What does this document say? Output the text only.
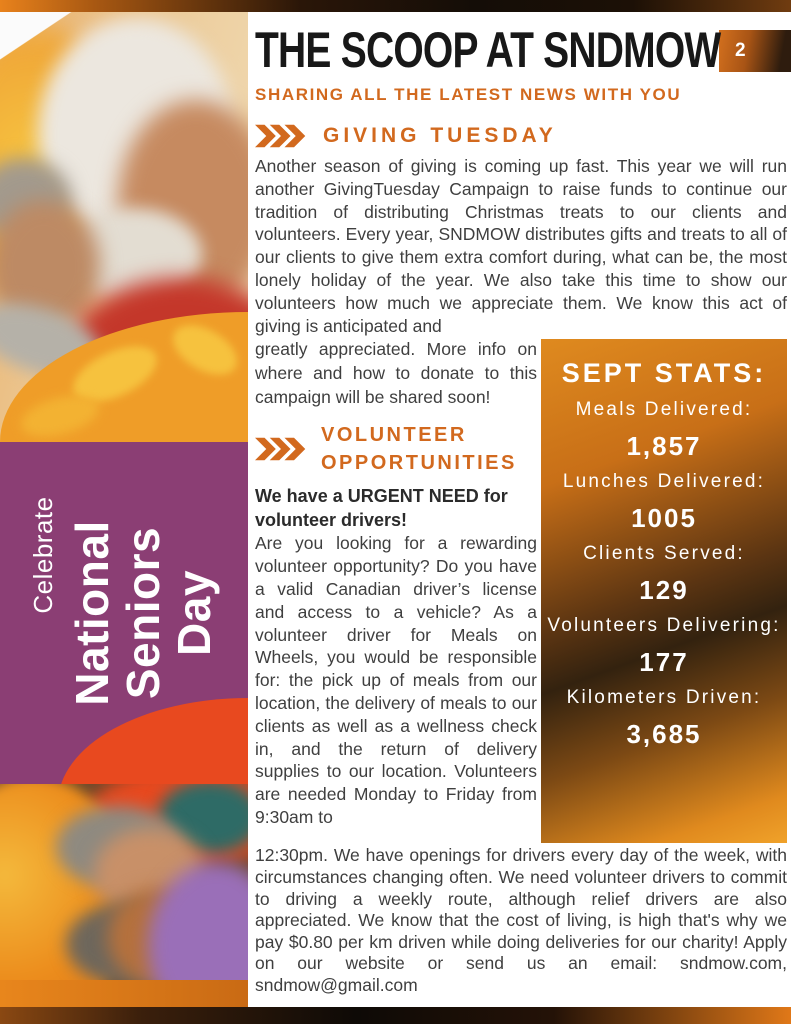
Celebrate National Seniors Day
2
THE SCOOP AT SNDMOW
SHARING ALL THE LATEST NEWS WITH YOU
GIVING TUESDAY
Another season of giving is coming up fast. This year we will run another GivingTuesday Campaign to raise funds to continue our tradition of distributing Christmas treats to our clients and volunteers. Every year, SNDMOW distributes gifts and treats to all of our clients to give them extra comfort during, what can be, the most lonely holiday of the year. We also take this time to show our volunteers how much we appreciate them. We know this act of giving is anticipated and
greatly appreciated. More info on where and how to donate to this campaign will be shared soon!
VOLUNTEER
OPPORTUNITIES
We have a URGENT NEED for volunteer drivers!
Are you looking for a rewarding volunteer opportunity? Do you have a valid Canadian driver’s license and access to a vehicle? As a volunteer driver for Meals on Wheels, you would be responsible for: the pick up of meals from our location, the delivery of meals to our clients as well as a wellness check in, and the return of delivery supplies to our location. Volunteers are needed Monday to Friday from 9:30am to
SEPT STATS:
Meals Delivered:
1,857
Lunches Delivered:
1005
Clients Served:
129
Volunteers Delivering:
177
Kilometers Driven:
3,685
12:30pm. We have openings for drivers every day of the week, with circumstances changing often. We need volunteer drivers to commit to driving a weekly route, although relief drivers are also appreciated. We know that the cost of living, is high that's why we pay $0.80 per km driven while doing deliveries for our charity! Apply on our website or send us an email: sndmow.com, sndmow@gmail.com
